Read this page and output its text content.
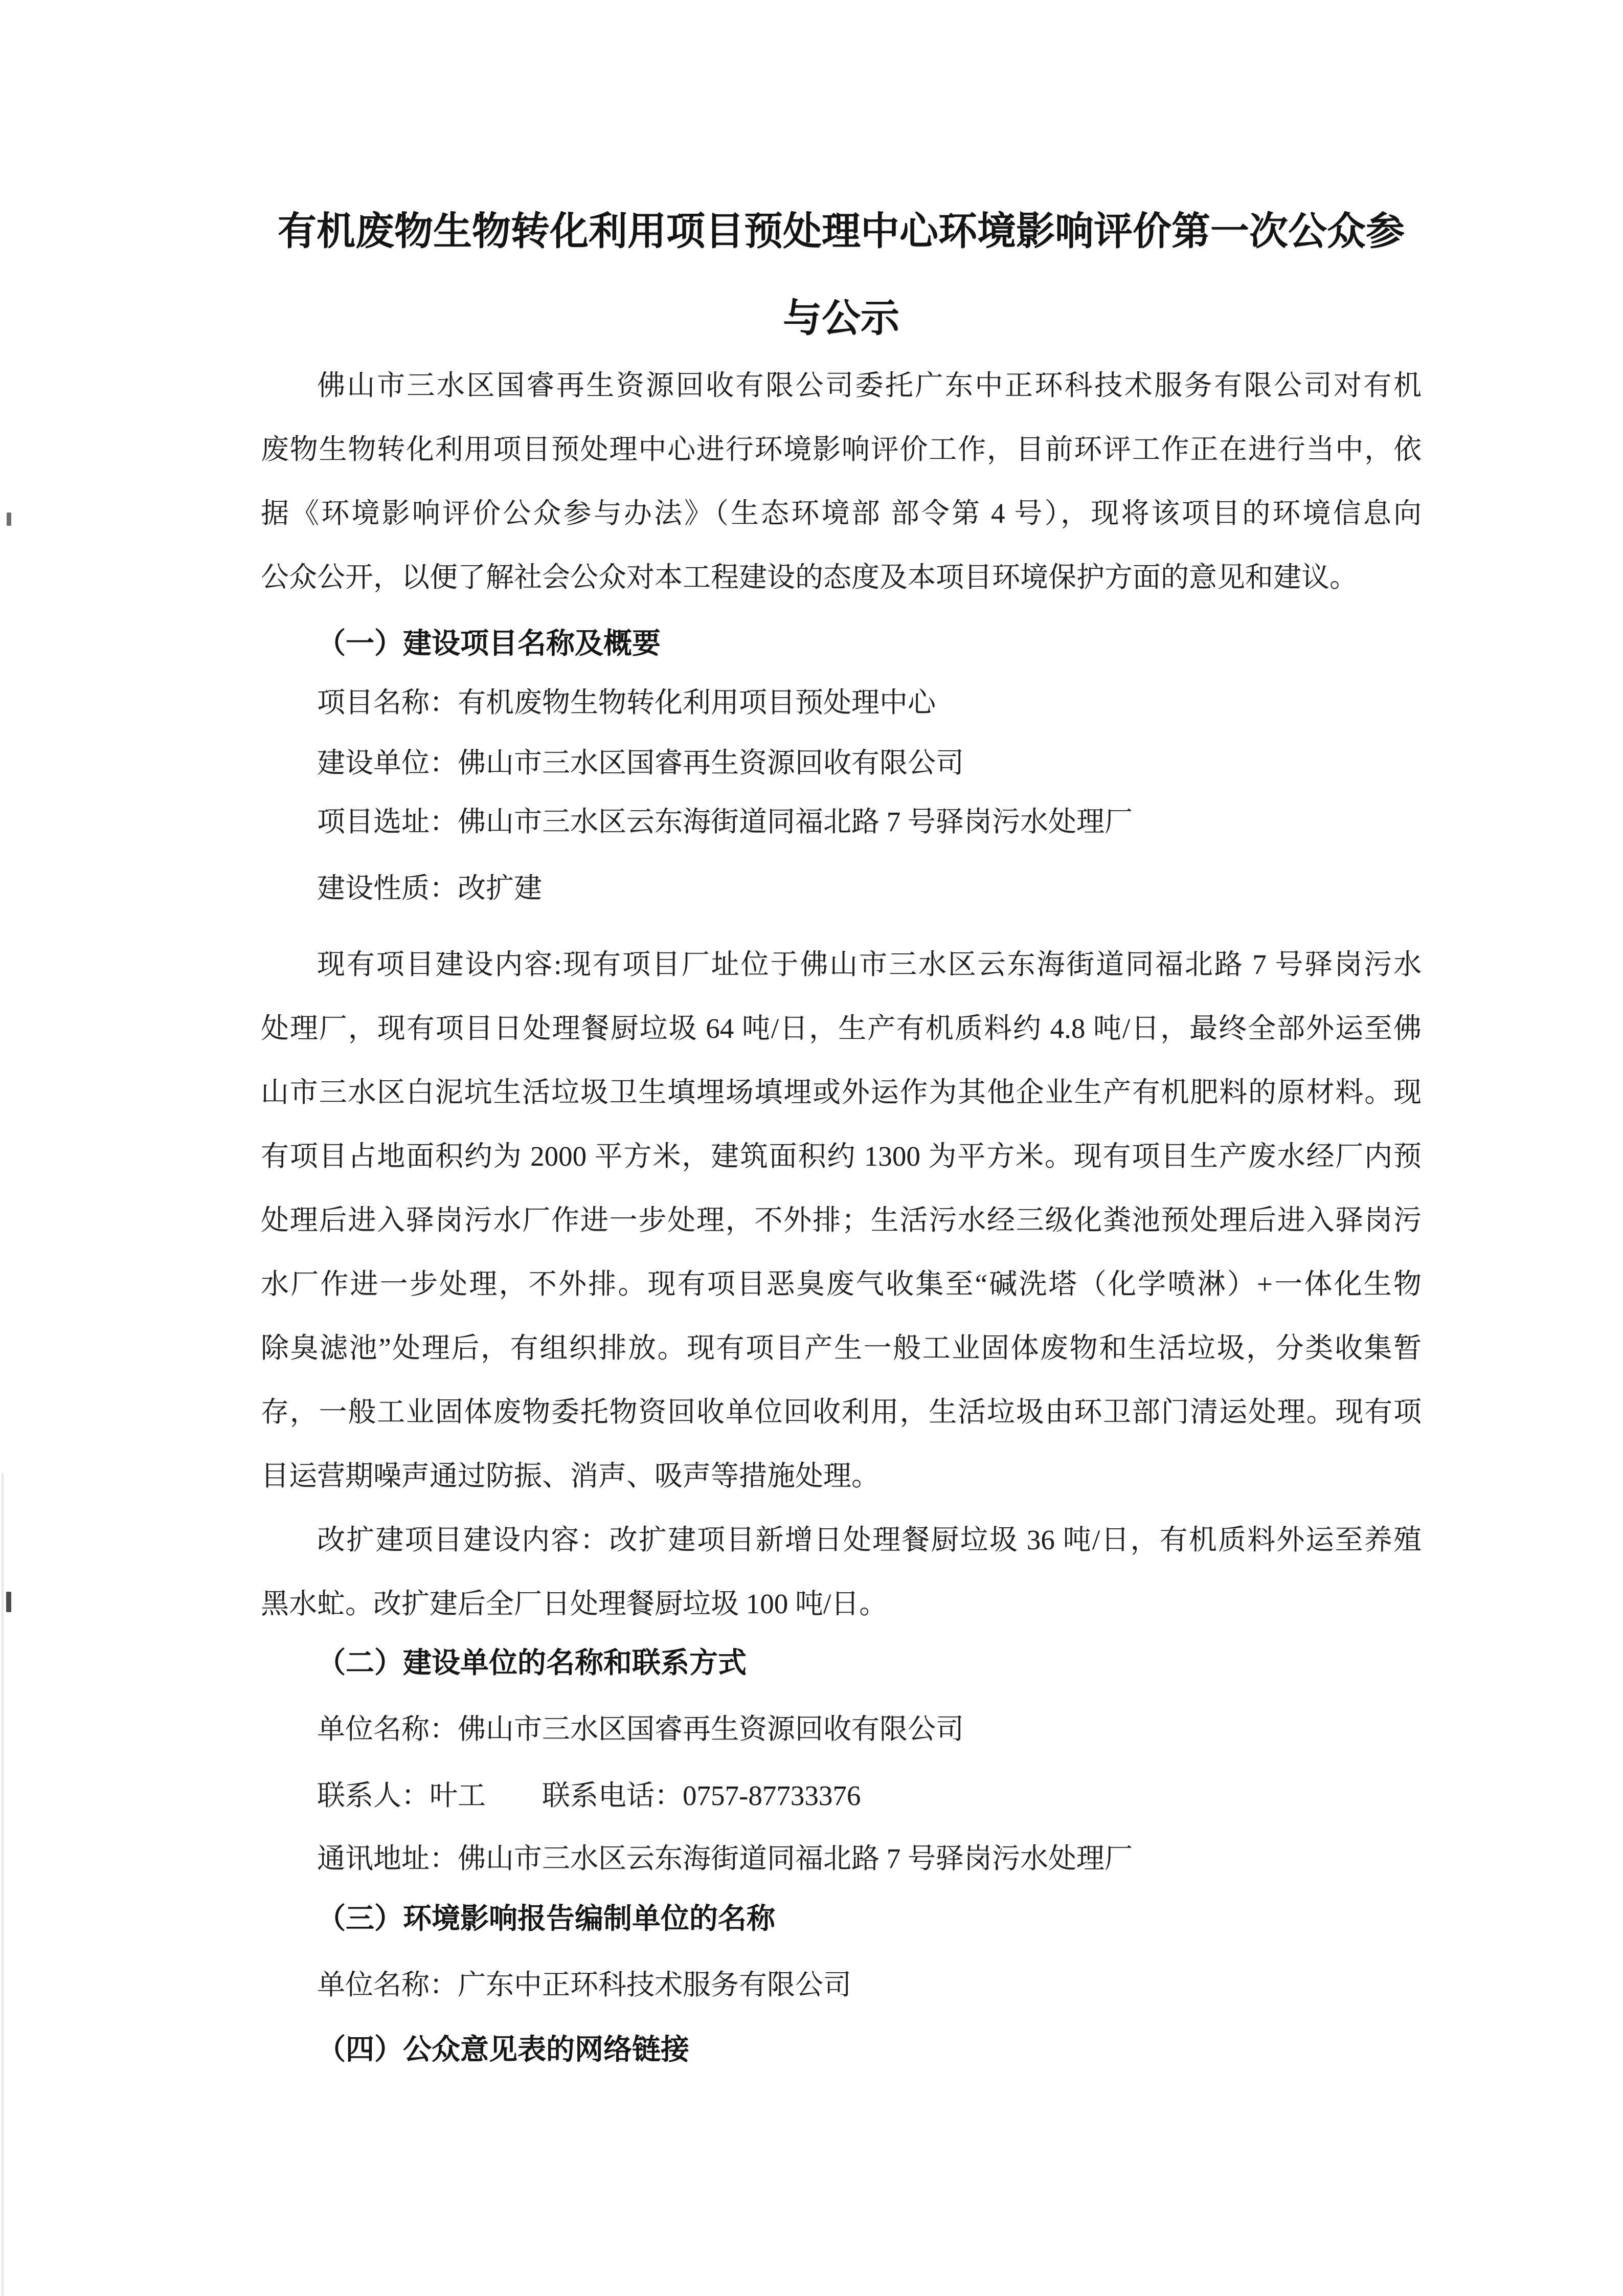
有机废物生物转化利用项目预处理中心环境影响评价第一次公众参
与公示
佛山市三水区国睿再生资源回收有限公司委托广东中正环科技术服务有限公司对有机
废物生物转化利用项目预处理中心进行环境影响评价工作，目前环评工作正在进行当中，依
据《环境影响评价公众参与办法》（生态环境部 部令第 4 号），现将该项目的环境信息向
公众公开，以便了解社会公众对本工程建设的态度及本项目环境保护方面的意见和建议。
（一）建设项目名称及概要
项目名称：有机废物生物转化利用项目预处理中心
建设单位：佛山市三水区国睿再生资源回收有限公司
项目选址：佛山市三水区云东海街道同福北路 7 号驿岗污水处理厂
建设性质：改扩建
现有项目建设内容:现有项目厂址位于佛山市三水区云东海街道同福北路 7 号驿岗污水
处理厂，现有项目日处理餐厨垃圾 64 吨/日，生产有机质料约 4.8 吨/日，最终全部外运至佛
山市三水区白泥坑生活垃圾卫生填埋场填埋或外运作为其他企业生产有机肥料的原材料。现
有项目占地面积约为 2000 平方米，建筑面积约 1300 为平方米。现有项目生产废水经厂内预
处理后进入驿岗污水厂作进一步处理，不外排；生活污水经三级化粪池预处理后进入驿岗污
水厂作进一步处理，不外排。现有项目恶臭废气收集至“碱洗塔（化学喷淋）+一体化生物
除臭滤池”处理后，有组织排放。现有项目产生一般工业固体废物和生活垃圾，分类收集暂
存，一般工业固体废物委托物资回收单位回收利用，生活垃圾由环卫部门清运处理。现有项
目运营期噪声通过防振、消声、吸声等措施处理。
改扩建项目建设内容：改扩建项目新增日处理餐厨垃圾 36 吨/日，有机质料外运至养殖
黑水虻。改扩建后全厂日处理餐厨垃圾 100 吨/日。
（二）建设单位的名称和联系方式
单位名称：佛山市三水区国睿再生资源回收有限公司
联系人：叶工　　联系电话：0757-87733376
通讯地址：佛山市三水区云东海街道同福北路 7 号驿岗污水处理厂
（三）环境影响报告编制单位的名称
单位名称：广东中正环科技术服务有限公司
（四）公众意见表的网络链接
